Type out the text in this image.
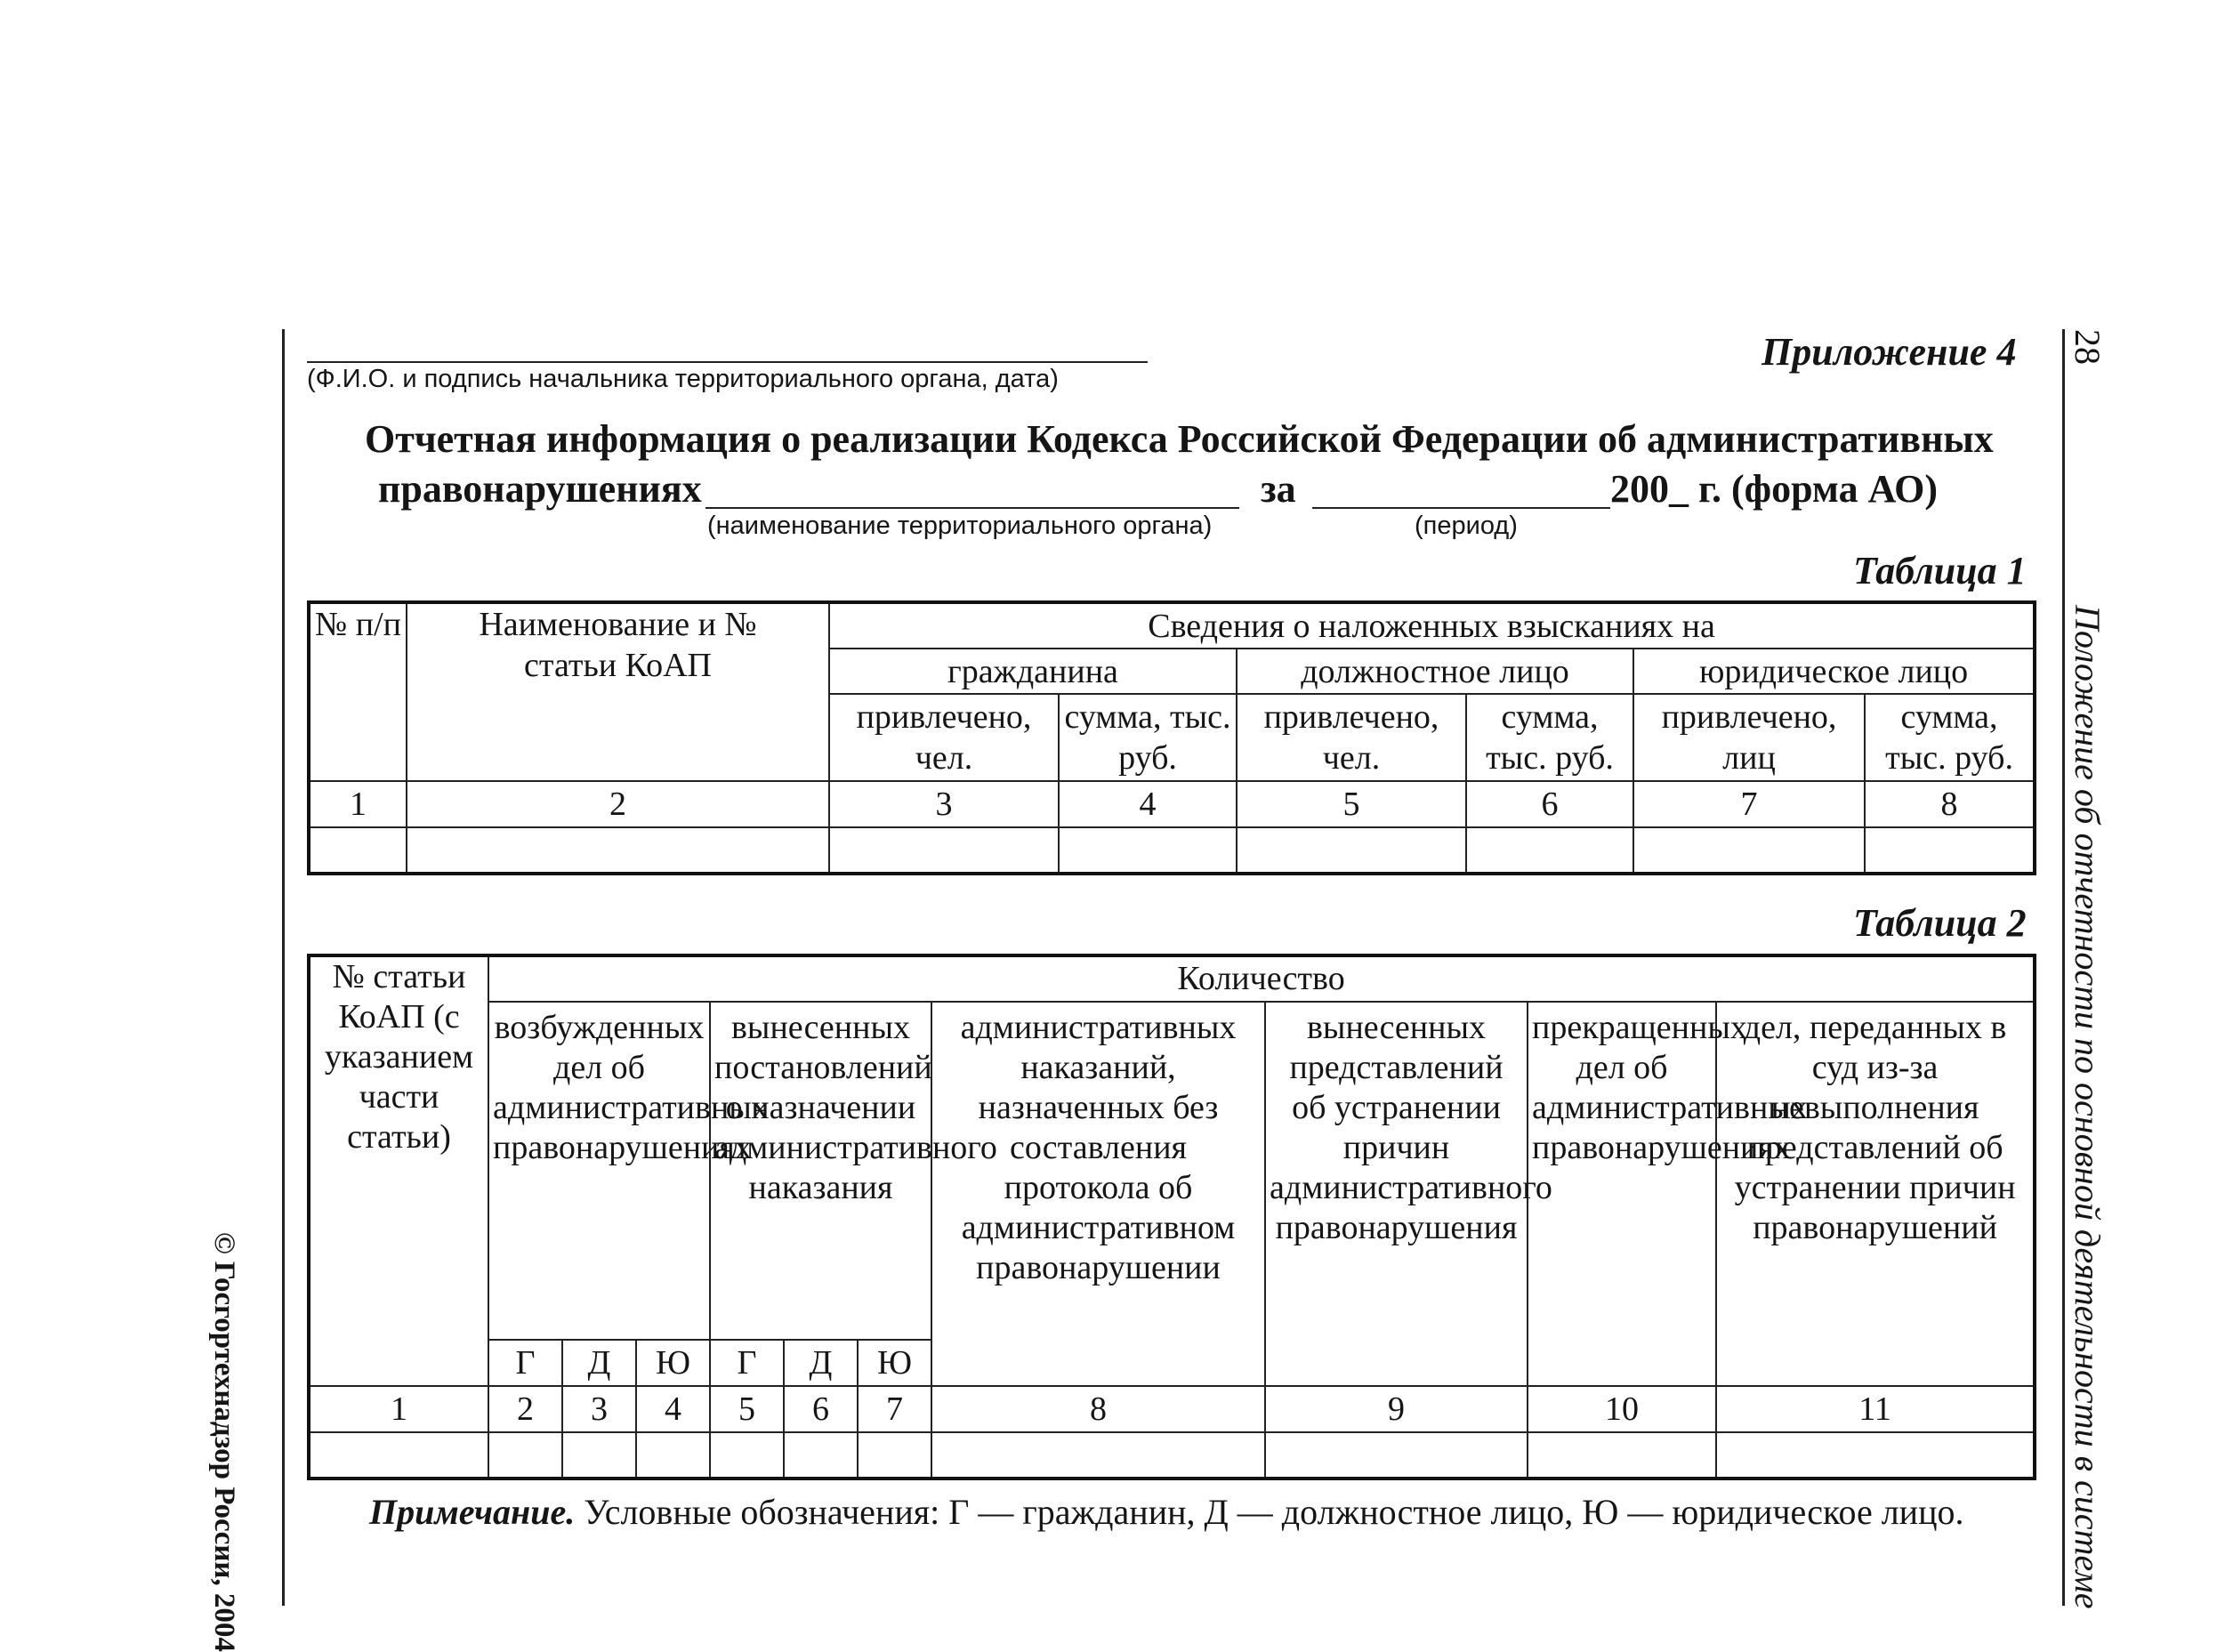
© Госгортехнадзор России, 2004
28
Положение об отчетности по основной деятельности в системе
(Ф.И.О. и подпись начальника территориального органа, дата)
Приложение 4
Отчетная информация о реализации Кодекса Российской Федерации об административных
правонарушениях	за	200_ г. (форма АО)
(наименование территориального органа)	(период)
Таблица 1
№ п/п	Наименование и № статьи КоАП	Сведения о наложенных взысканиях на					
		гражданина		должностное лицо		юридическое лицо	
		привлечено, чел.	сумма, тыс. руб.	привлечено, чел.	сумма, тыс. руб.	привлечено, лиц	сумма, тыс. руб.
1	2	3	4	5	6	7	8

Таблица 2
№ статьи КоАП (с указанием части статьи)	Количество									
	возбужденных дел об административных правонарушениях			вынесенных постановлений о назначении административного наказания			административных наказаний, назначенных без составления протокола об административном правонарушении	вынесенных представлений об устранении причин административного правонарушения	прекращенных дел об административных правонарушениях	дел, переданных в суд из-за невыполнения представлений об устранении причин правонарушений
	Г	Д	Ю	Г	Д	Ю				
1	2	3	4	5	6	7	8	9	10	11

Примечание. Условные обозначения: Г — гражданин, Д — должностное лицо, Ю — юридическое лицо.
